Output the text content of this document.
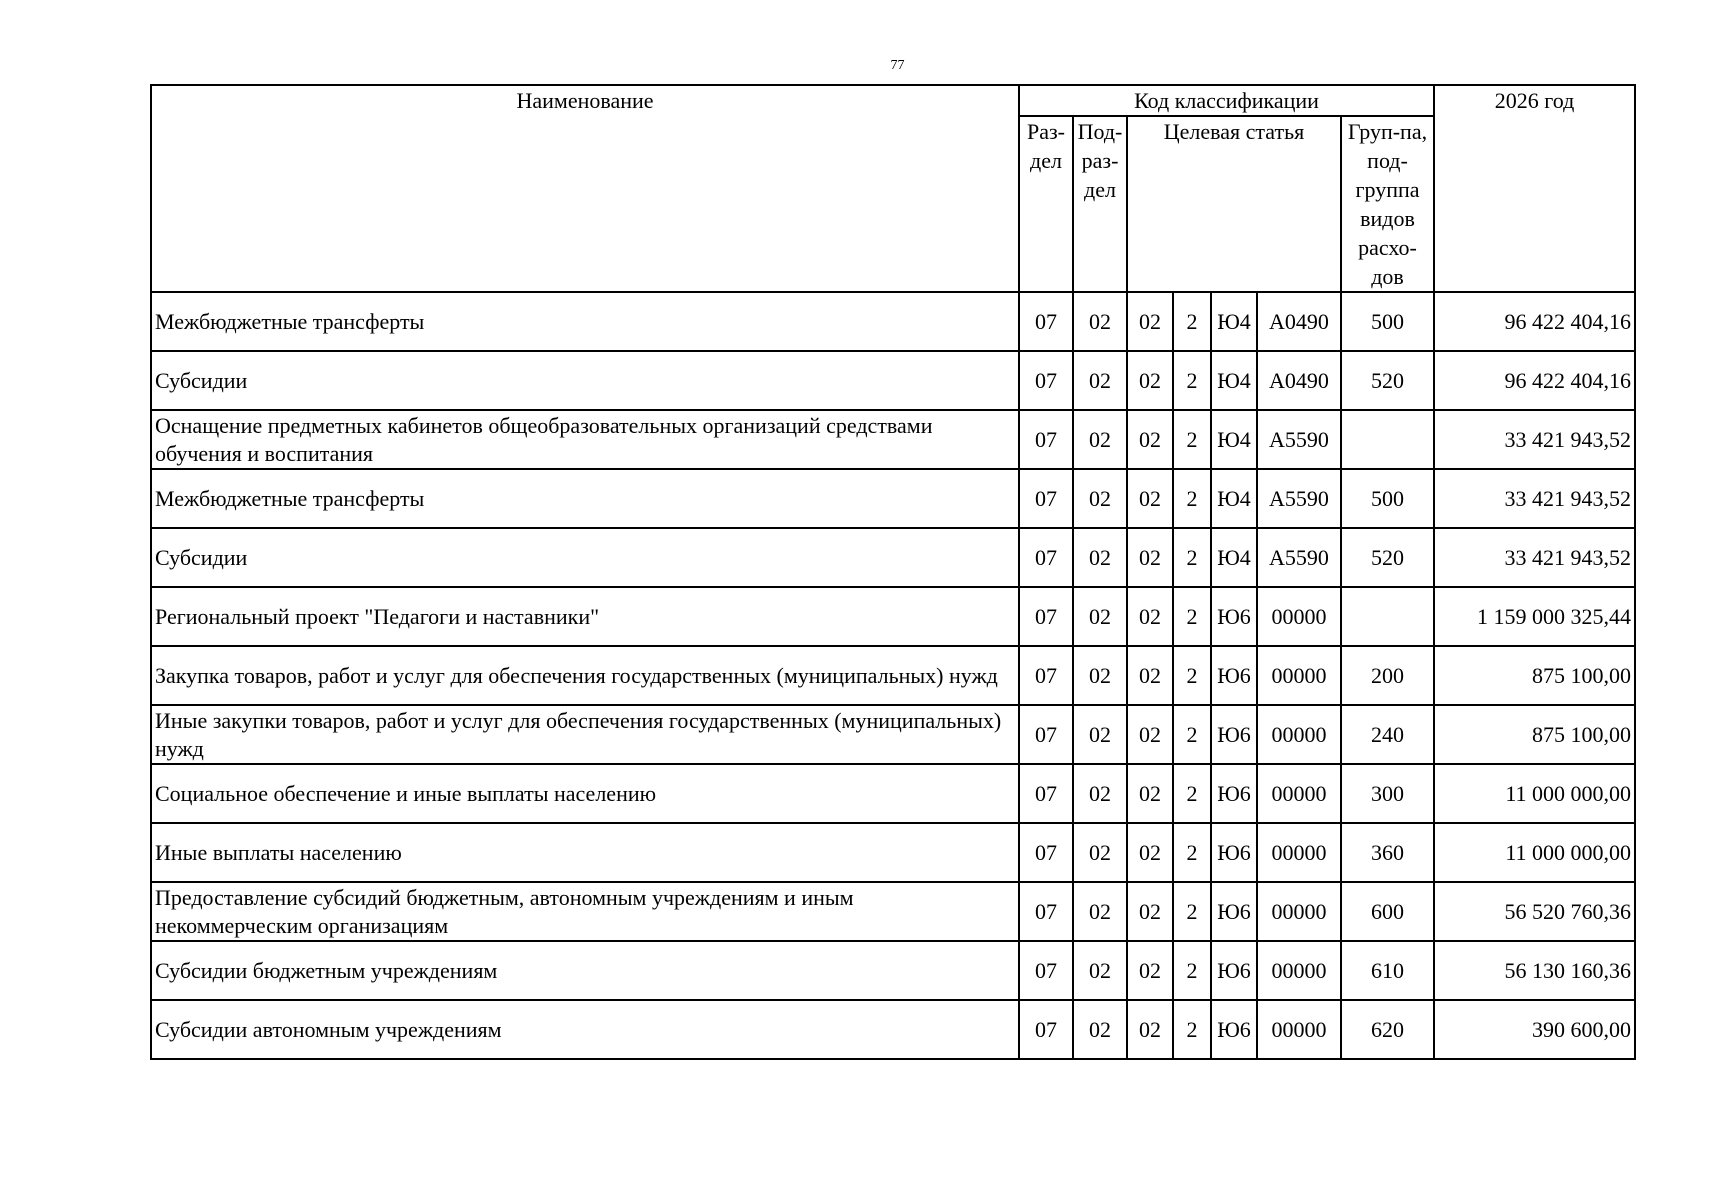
77
Наименование	Код классификации							2026 год
	Раз-дел	Под-раз-дел	Целевая статья				Груп-па, под-группа видов расхо-дов	
Межбюджетные трансферты	07	02	02	2	Ю4	А0490	500	96 422 404,16
Субсидии	07	02	02	2	Ю4	А0490	520	96 422 404,16
Оснащение предметных кабинетов общеобразовательных организаций средствами обучения и воспитания	07	02	02	2	Ю4	А5590		33 421 943,52
Межбюджетные трансферты	07	02	02	2	Ю4	А5590	500	33 421 943,52
Субсидии	07	02	02	2	Ю4	А5590	520	33 421 943,52
Региональный проект "Педагоги и наставники"	07	02	02	2	Ю6	00000		1 159 000 325,44
Закупка товаров, работ и услуг для обеспечения государственных (муниципальных) нужд	07	02	02	2	Ю6	00000	200	875 100,00
Иные закупки товаров, работ и услуг для обеспечения государственных (муниципальных) нужд	07	02	02	2	Ю6	00000	240	875 100,00
Социальное обеспечение и иные выплаты населению	07	02	02	2	Ю6	00000	300	11 000 000,00
Иные выплаты населению	07	02	02	2	Ю6	00000	360	11 000 000,00
Предоставление субсидий бюджетным, автономным учреждениям и иным некоммерческим организациям	07	02	02	2	Ю6	00000	600	56 520 760,36
Субсидии бюджетным учреждениям	07	02	02	2	Ю6	00000	610	56 130 160,36
Субсидии автономным учреждениям	07	02	02	2	Ю6	00000	620	390 600,00
